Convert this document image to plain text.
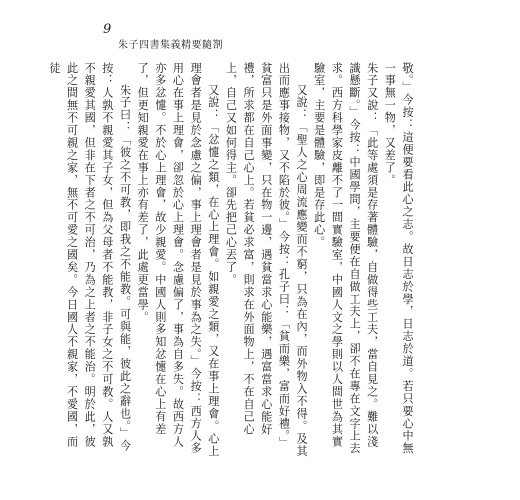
9
朱子四書集義精要隨劄

敬。」今按：這便要看此心之志。故日志於學，日志於道。若只要心中無一事無一物，又差了。

朱子又說：「此等處須是存著體驗，自做得些工夫，當自見之。難以淺識懸斷。」今按：中國學問，主要便在自做工夫上，卻不在專在文字上去求。西方科學家皮離不了一間實驗室，中國人文之學則以人間世為其實驗室，主要是體驗，即是存此心。

又說：「聖人之心周流應變而不窮，只為在內，而外物入不得。及其出而應事接物，又不陷於彼。」今按：孔子曰：「貧而樂，富而好禮。」貧富只是外面事變，只在物一邊，遇貧當求心能樂，遇富當求心能好禮，所求都在自己心上。若貧必求富，則求在外面物上，不在自己心上，自己又如何得主。卻先把己心丟了。

又說：「忿懥之類，在心上理會。如親愛之類，又在事上理會。心上理會者是見於念慮之偏，事上理會者是見於事為之失。」今按：西方人多用心在事上理會，卻忽於心上理會。念慮偏了，事為自多失。故西方人亦多忿懥。不於心上理會，故少親愛。中國人則多知忿懥在心上有差了，但更知親愛在事上亦有差了，此處更當學。

朱子曰：「彼之不可教，即我之不能教。可與能，彼此之辭也。」今按：人孰不親愛其子女，但為父母者不能教，非子女之不可教。人又孰不親愛其國，但非在下者之不可治，乃為之上者之不能治。明於此，彼此之間無不可親之家，無不可愛之國矣。今日國人不親家，不愛國，而徒
